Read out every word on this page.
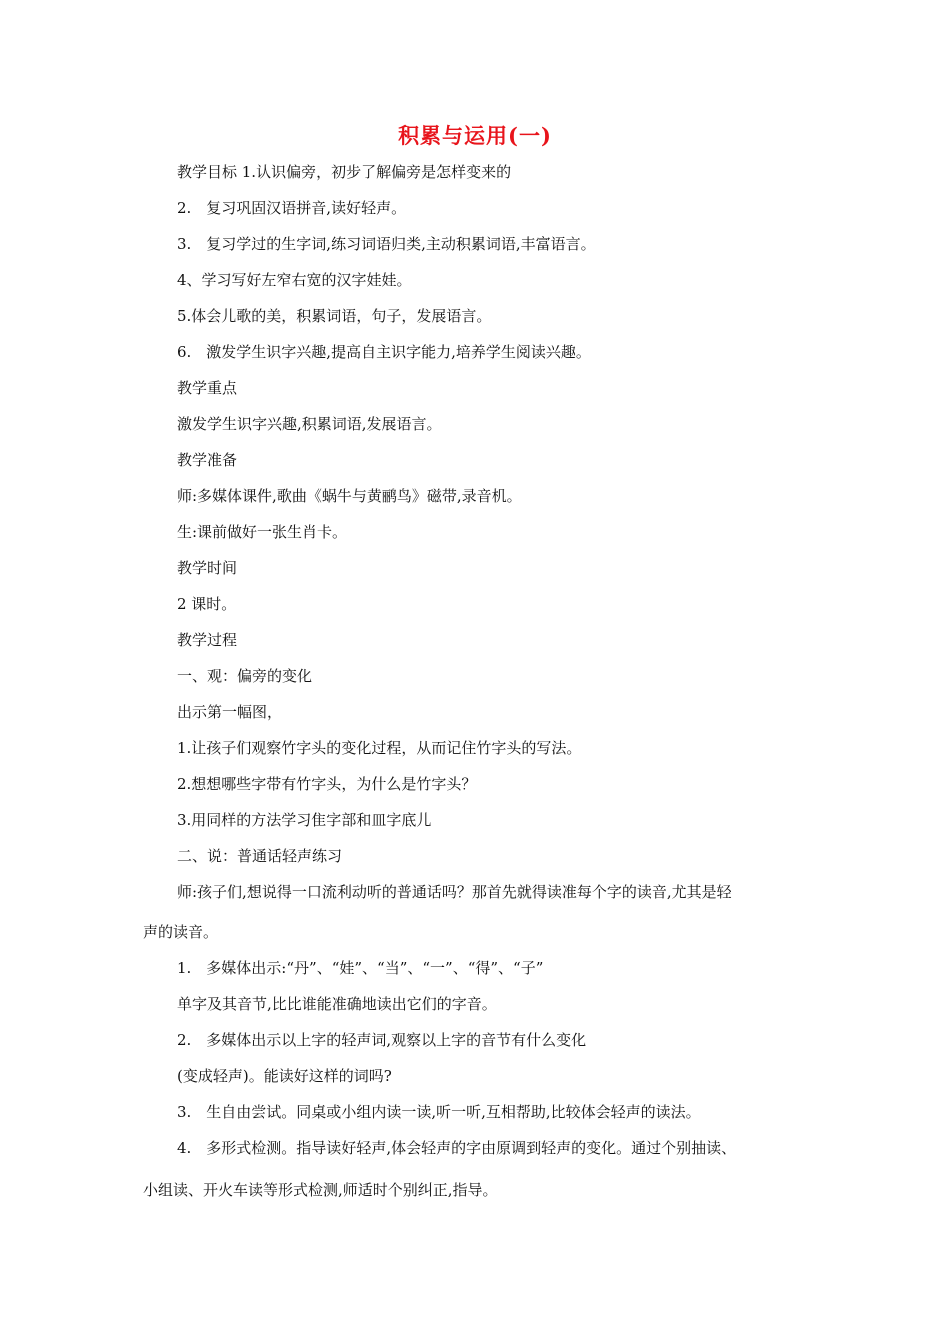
积累与运用(一)
教学目标 1.认识偏旁，初步了解偏旁是怎样变来的
2.　复习巩固汉语拼音,读好轻声。
3.　复习学过的生字词,练习词语归类,主动积累词语,丰富语言。
4、学习写好左窄右宽的汉字娃娃。
5.体会儿歌的美，积累词语，句子，发展语言。
6.　激发学生识字兴趣,提高自主识字能力,培养学生阅读兴趣。
教学重点
激发学生识字兴趣,积累词语,发展语言。
教学准备
师:多媒体课件,歌曲《蜗牛与黄鹂鸟》磁带,录音机。
生:课前做好一张生肖卡。
教学时间
2 课时。
教学过程
一、观：偏旁的变化
出示第一幅图，
1.让孩子们观察竹字头的变化过程，从而记住竹字头的写法。
2.想想哪些字带有竹字头，为什么是竹字头？
3.用同样的方法学习隹字部和皿字底儿
二、说：普通话轻声练习
师:孩子们,想说得一口流利动听的普通话吗？那首先就得读准每个字的读音,尤其是轻
声的读音。
1.　多媒体出示:“丹”、“娃”、“当”、“一”、“得”、“子”
单字及其音节,比比谁能准确地读出它们的字音。
2.　多媒体出示以上字的轻声词,观察以上字的音节有什么变化
(变成轻声)。能读好这样的词吗?
3.　生自由尝试。同桌或小组内读一读,听一听,互相帮助,比较体会轻声的读法。
4.　多形式检测。指导读好轻声,体会轻声的字由原调到轻声的变化。通过个别抽读、
小组读、开火车读等形式检测,师适时个别纠正,指导。
